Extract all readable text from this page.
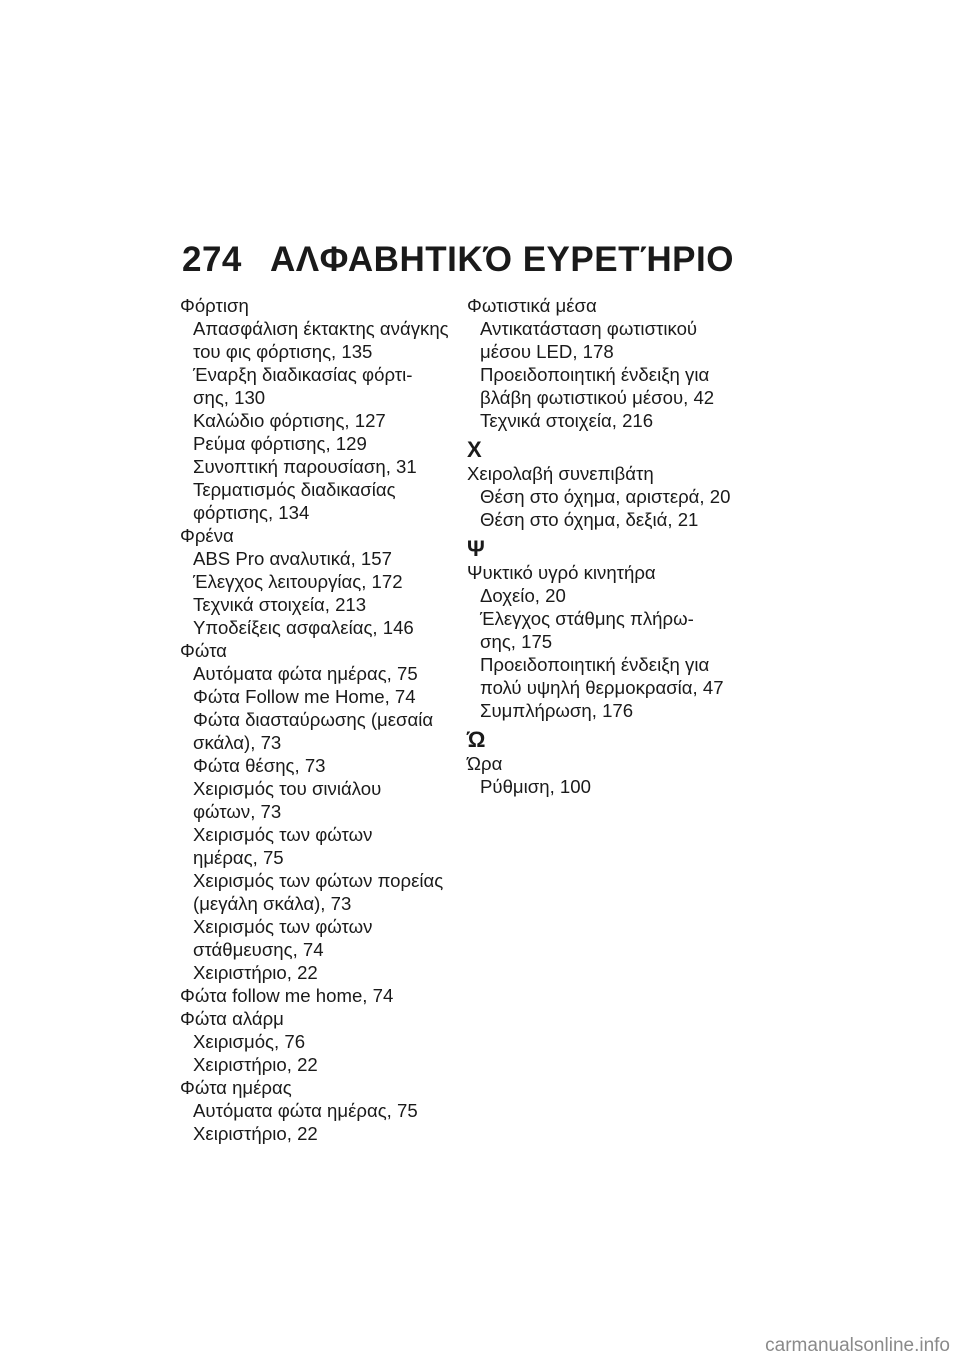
274 ΑΛΦΑΒΗΤΙΚΌ ΕΥΡΕΤΉΡΙΟ
Φόρτιση
Απασφάλιση έκτακτης ανάγκης
του φις φόρτισης, 135
Έναρξη διαδικασίας φόρτι-
σης, 130
Καλώδιο φόρτισης, 127
Ρεύμα φόρτισης, 129
Συνοπτική παρουσίαση, 31
Τερματισμός διαδικασίας
φόρτισης, 134
Φρένα
ABS Pro αναλυτικά, 157
Έλεγχος λειτουργίας, 172
Τεχνικά στοιχεία, 213
Υποδείξεις ασφαλείας, 146
Φώτα
Αυτόματα φώτα ημέρας, 75
Φώτα Follow me Home, 74
Φώτα διασταύρωσης (μεσαία
σκάλα), 73
Φώτα θέσης, 73
Χειρισμός του σινιάλου
φώτων, 73
Χειρισμός των φώτων
ημέρας, 75
Χειρισμός των φώτων πορείας
(μεγάλη σκάλα), 73
Χειρισμός των φώτων
στάθμευσης, 74
Χειριστήριο, 22
Φώτα follow me home, 74
Φώτα αλάρμ
Χειρισμός, 76
Χειριστήριο, 22
Φώτα ημέρας
Αυτόματα φώτα ημέρας, 75
Χειριστήριο, 22
Φωτιστικά μέσα
Αντικατάσταση φωτιστικού
μέσου LED, 178
Προειδοποιητική ένδειξη για
βλάβη φωτιστικού μέσου, 42
Τεχνικά στοιχεία, 216
Χ
Χειρολαβή συνεπιβάτη
Θέση στο όχημα, αριστερά, 20
Θέση στο όχημα, δεξιά, 21
Ψ
Ψυκτικό υγρό κινητήρα
Δοχείο, 20
Έλεγχος στάθμης πλήρω-
σης, 175
Προειδοποιητική ένδειξη για
πολύ υψηλή θερμοκρασία, 47
Συμπλήρωση, 176
Ώ
Ώρα
Ρύθμιση, 100
carmanualsonline.info
